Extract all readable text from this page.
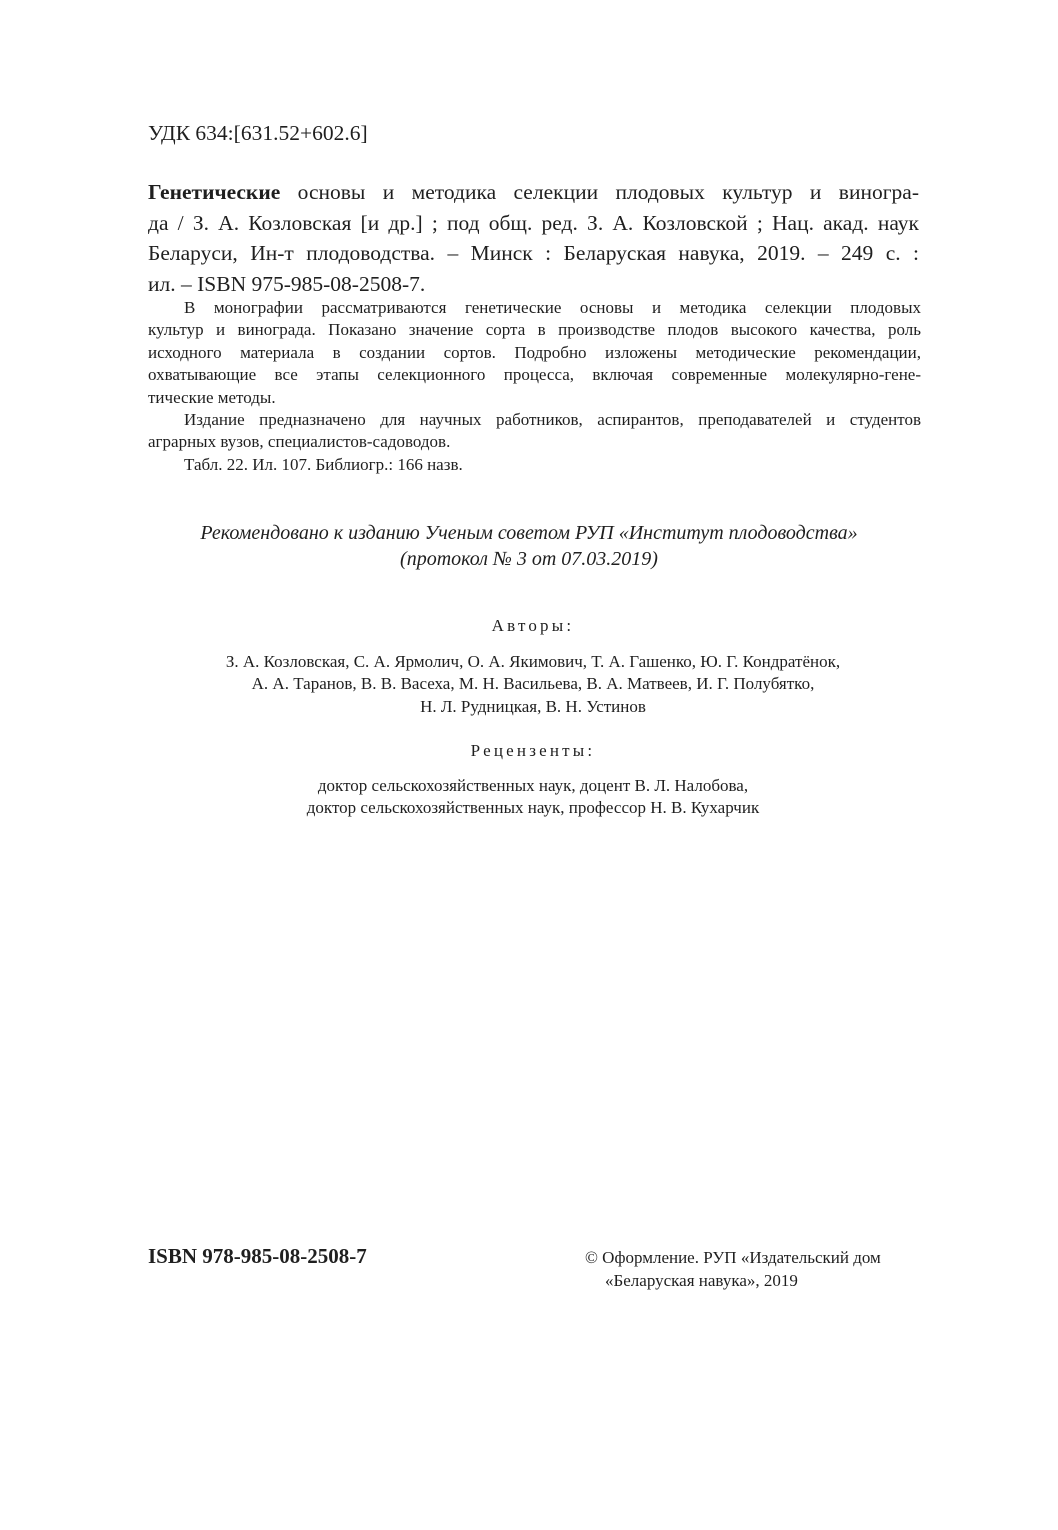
УДК 634:[631.52+602.6]
Генетические основы и методика селекции плодовых культур и виногра-
да / З. А. Козловская [и др.] ; под общ. ред. З. А. Козловской ; Нац. акад. наук
Беларуси, Ин-т плодоводства. – Минск : Беларуская навука, 2019. – 249 с. :
ил. – ISBN 975-985-08-2508-7.
В монографии рассматриваются генетические основы и методика селекции плодовых
культур и винограда. Показано значение сорта в производстве плодов высокого качества, роль
исходного материала в создании сортов. Подробно изложены методические рекомендации,
охватывающие все этапы селекционного процесса, включая современные молекулярно-гене-
тические методы.
Издание предназначено для научных работников, аспирантов, преподавателей и студентов
аграрных вузов, специалистов-садоводов.
Табл. 22. Ил. 107. Библиогр.: 166 назв.
Рекомендовано к изданию Ученым советом РУП «Институт плодоводства»
(протокол № 3 от 07.03.2019)
Авторы:
З. А. Козловская, С. А. Ярмолич, О. А. Якимович, Т. А. Гашенко, Ю. Г. Кондратёнок,
А. А. Таранов, В. В. Васеха, М. Н. Васильева, В. А. Матвеев, И. Г. Полубятко,
Н. Л. Рудницкая, В. Н. Устинов
Рецензенты:
доктор сельскохозяйственных наук, доцент В. Л. Налобова,
доктор сельскохозяйственных наук, профессор Н. В. Кухарчик
ISBN 978-985-08-2508-7	© Оформление. РУП «Издательский дом
«Беларуская навука», 2019
